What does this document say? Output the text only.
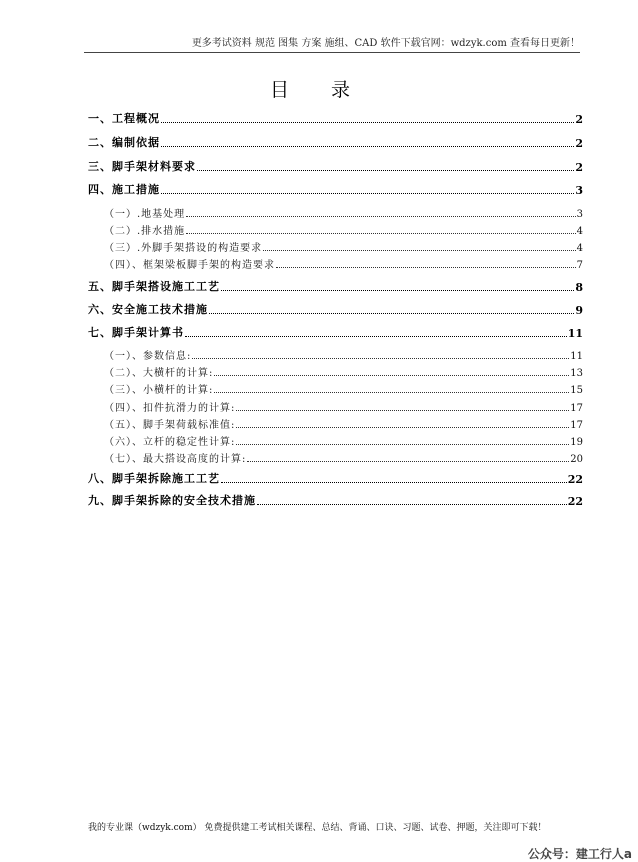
更多考试资料 规范 图集 方案 施组、CAD 软件下载官网：wdzyk.com 查看每日更新！
目 录
一、工程概况	2
二、编制依据	2
三、脚手架材料要求	2
四、施工措施	3
（一）.地基处理	3
（二）.排水措施	4
（三）.外脚手架搭设的构造要求	4
（四）、框架梁板脚手架的构造要求	7
五、脚手架搭设施工工艺	8
六、安全施工技术措施	9
七、脚手架计算书	11
（一）、参数信息:	11
（二）、大横杆的计算:	13
（三）、小横杆的计算:	15
（四）、扣件抗滑力的计算:	17
（五）、脚手架荷载标准值:	17
（六）、立杆的稳定性计算:	19
（七）、最大搭设高度的计算:	20
八、脚手架拆除施工工艺	22
九、脚手架拆除的安全技术措施	22
我的专业课（wdzyk.com） 免费提供建工考试相关课程、总结、背诵、口诀、习题、试卷、押题，关注即可下载！
公众号：建工行人a
